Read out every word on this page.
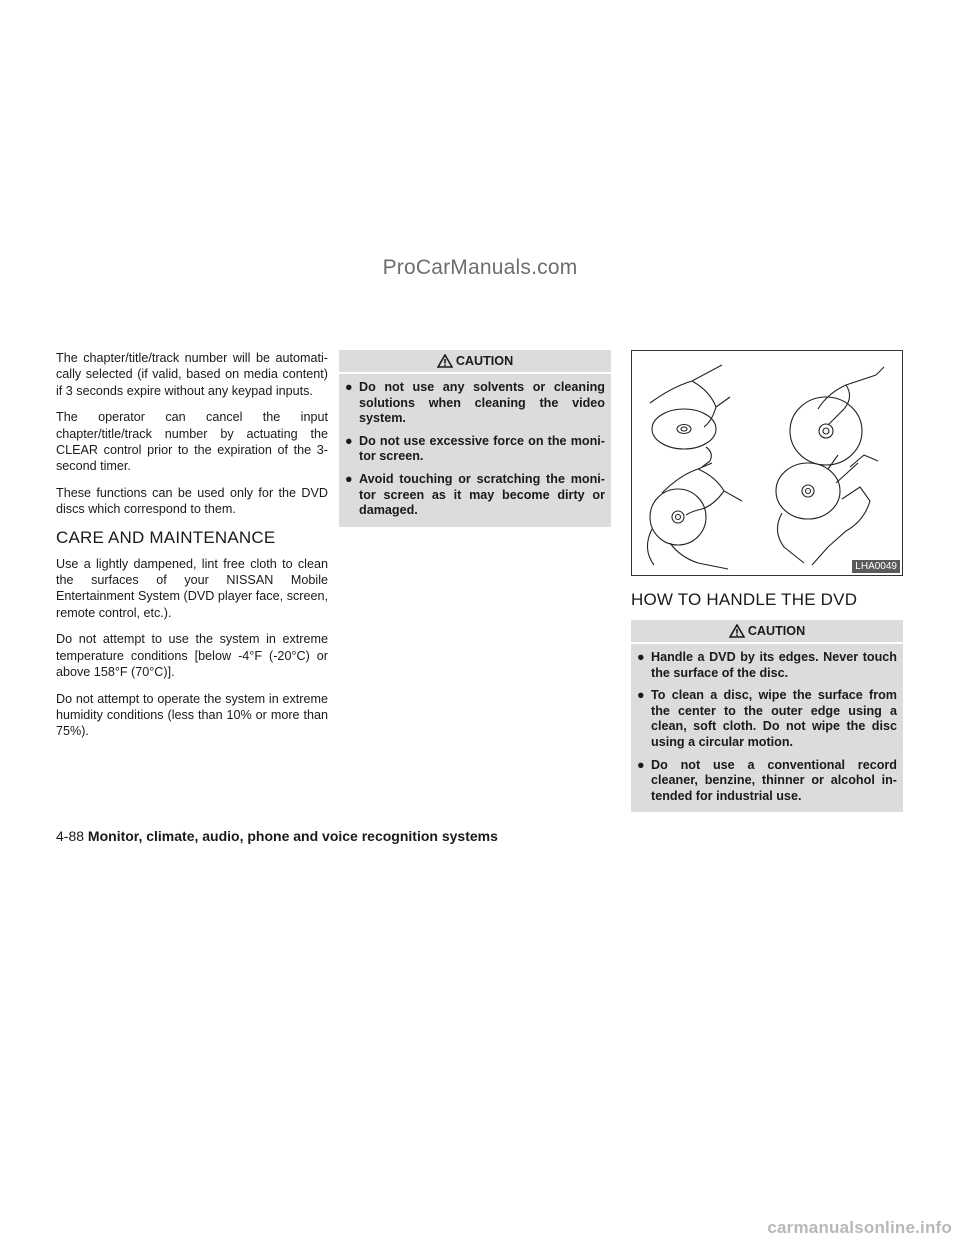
ProCarManuals.com

The chapter/title/track number will be automati-cally selected (if valid, based on media content) if 3 seconds expire without any keypad inputs.

The operator can cancel the input chapter/title/track number by actuating the CLEAR control prior to the expiration of the 3-second timer.

These functions can be used only for the DVD discs which correspond to them.

CARE AND MAINTENANCE

Use a lightly dampened, lint free cloth to clean the surfaces of your NISSAN Mobile Entertainment System (DVD player face, screen, remote control, etc.).

Do not attempt to use the system in extreme temperature conditions [below -4°F (-20°C) or above 158°F (70°C)].

Do not attempt to operate the system in extreme humidity conditions (less than 10% or more than 75%).

CAUTION
● Do not use any solvents or cleaning solutions when cleaning the video system.
● Do not use excessive force on the moni-tor screen.
● Avoid touching or scratching the moni-tor screen as it may become dirty or damaged.
LHA0049
HOW TO HANDLE THE DVD
CAUTION
● Handle a DVD by its edges. Never touch the surface of the disc.
● To clean a disc, wipe the surface from the center to the outer edge using a clean, soft cloth. Do not wipe the disc using a circular motion.
● Do not use a conventional record cleaner, benzine, thinner or alcohol in-tended for industrial use.
4-88 Monitor, climate, audio, phone and voice recognition systems
carmanualsonline.info
